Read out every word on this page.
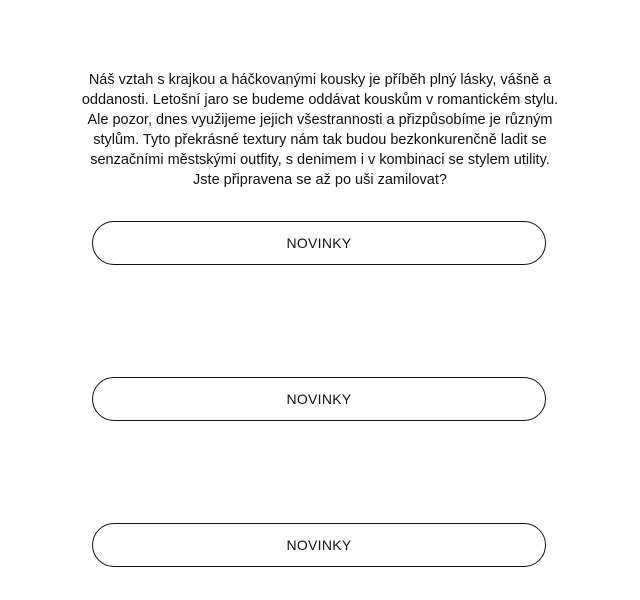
Náš vztah s krajkou a háčkovanými kousky je příběh plný lásky, vášně a
oddanosti. Letošní jaro se budeme oddávat kouskům v romantickém stylu.
Ale pozor, dnes využijeme jejich všestrannosti a přizpůsobíme je různým
stylům. Tyto překrásné textury nám tak budou bezkonkurenčně ladit se
senzačními městskými outfity, s denimem i v kombinaci se stylem utility.
Jste připravena se až po uši zamilovat?

NOVINKY
NOVINKY
NOVINKY
